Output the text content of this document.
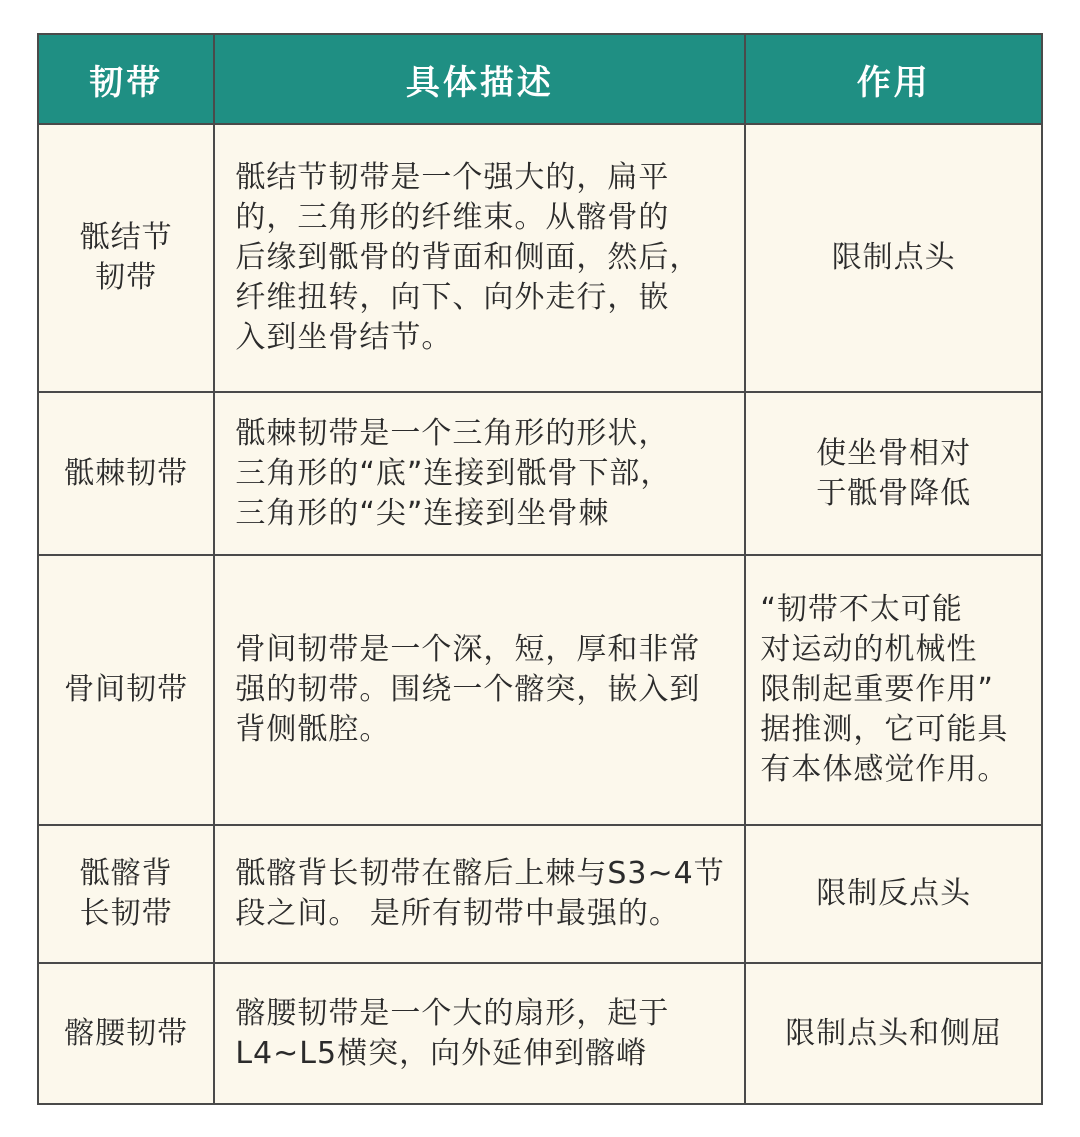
韧带	具体描述	作用

骶结节
韧带	骶结节韧带是一个强大的，扁平
的，三角形的纤维束。从髂骨的
后缘到骶骨的背面和侧面，然后，
纤维扭转，向下、向外走行，嵌
入到坐骨结节。	限制点头

骶棘韧带	骶棘韧带是一个三角形的形状，
三角形的“底”连接到骶骨下部，
三角形的“尖”连接到坐骨棘	使坐骨相对
于骶骨降低

骨间韧带	骨间韧带是一个深，短，厚和非常
强的韧带。围绕一个髂突，嵌入到
背侧骶腔。	“韧带不太可能
对运动的机械性
限制起重要作用”
据推测，它可能具
有本体感觉作用。

骶髂背
长韧带	骶髂背长韧带在髂后上棘与S3~4节
段之间。 是所有韧带中最强的。	限制反点头

髂腰韧带	髂腰韧带是一个大的扇形，起于
L4~L5横突，向外延伸到髂嵴	限制点头和侧屈
